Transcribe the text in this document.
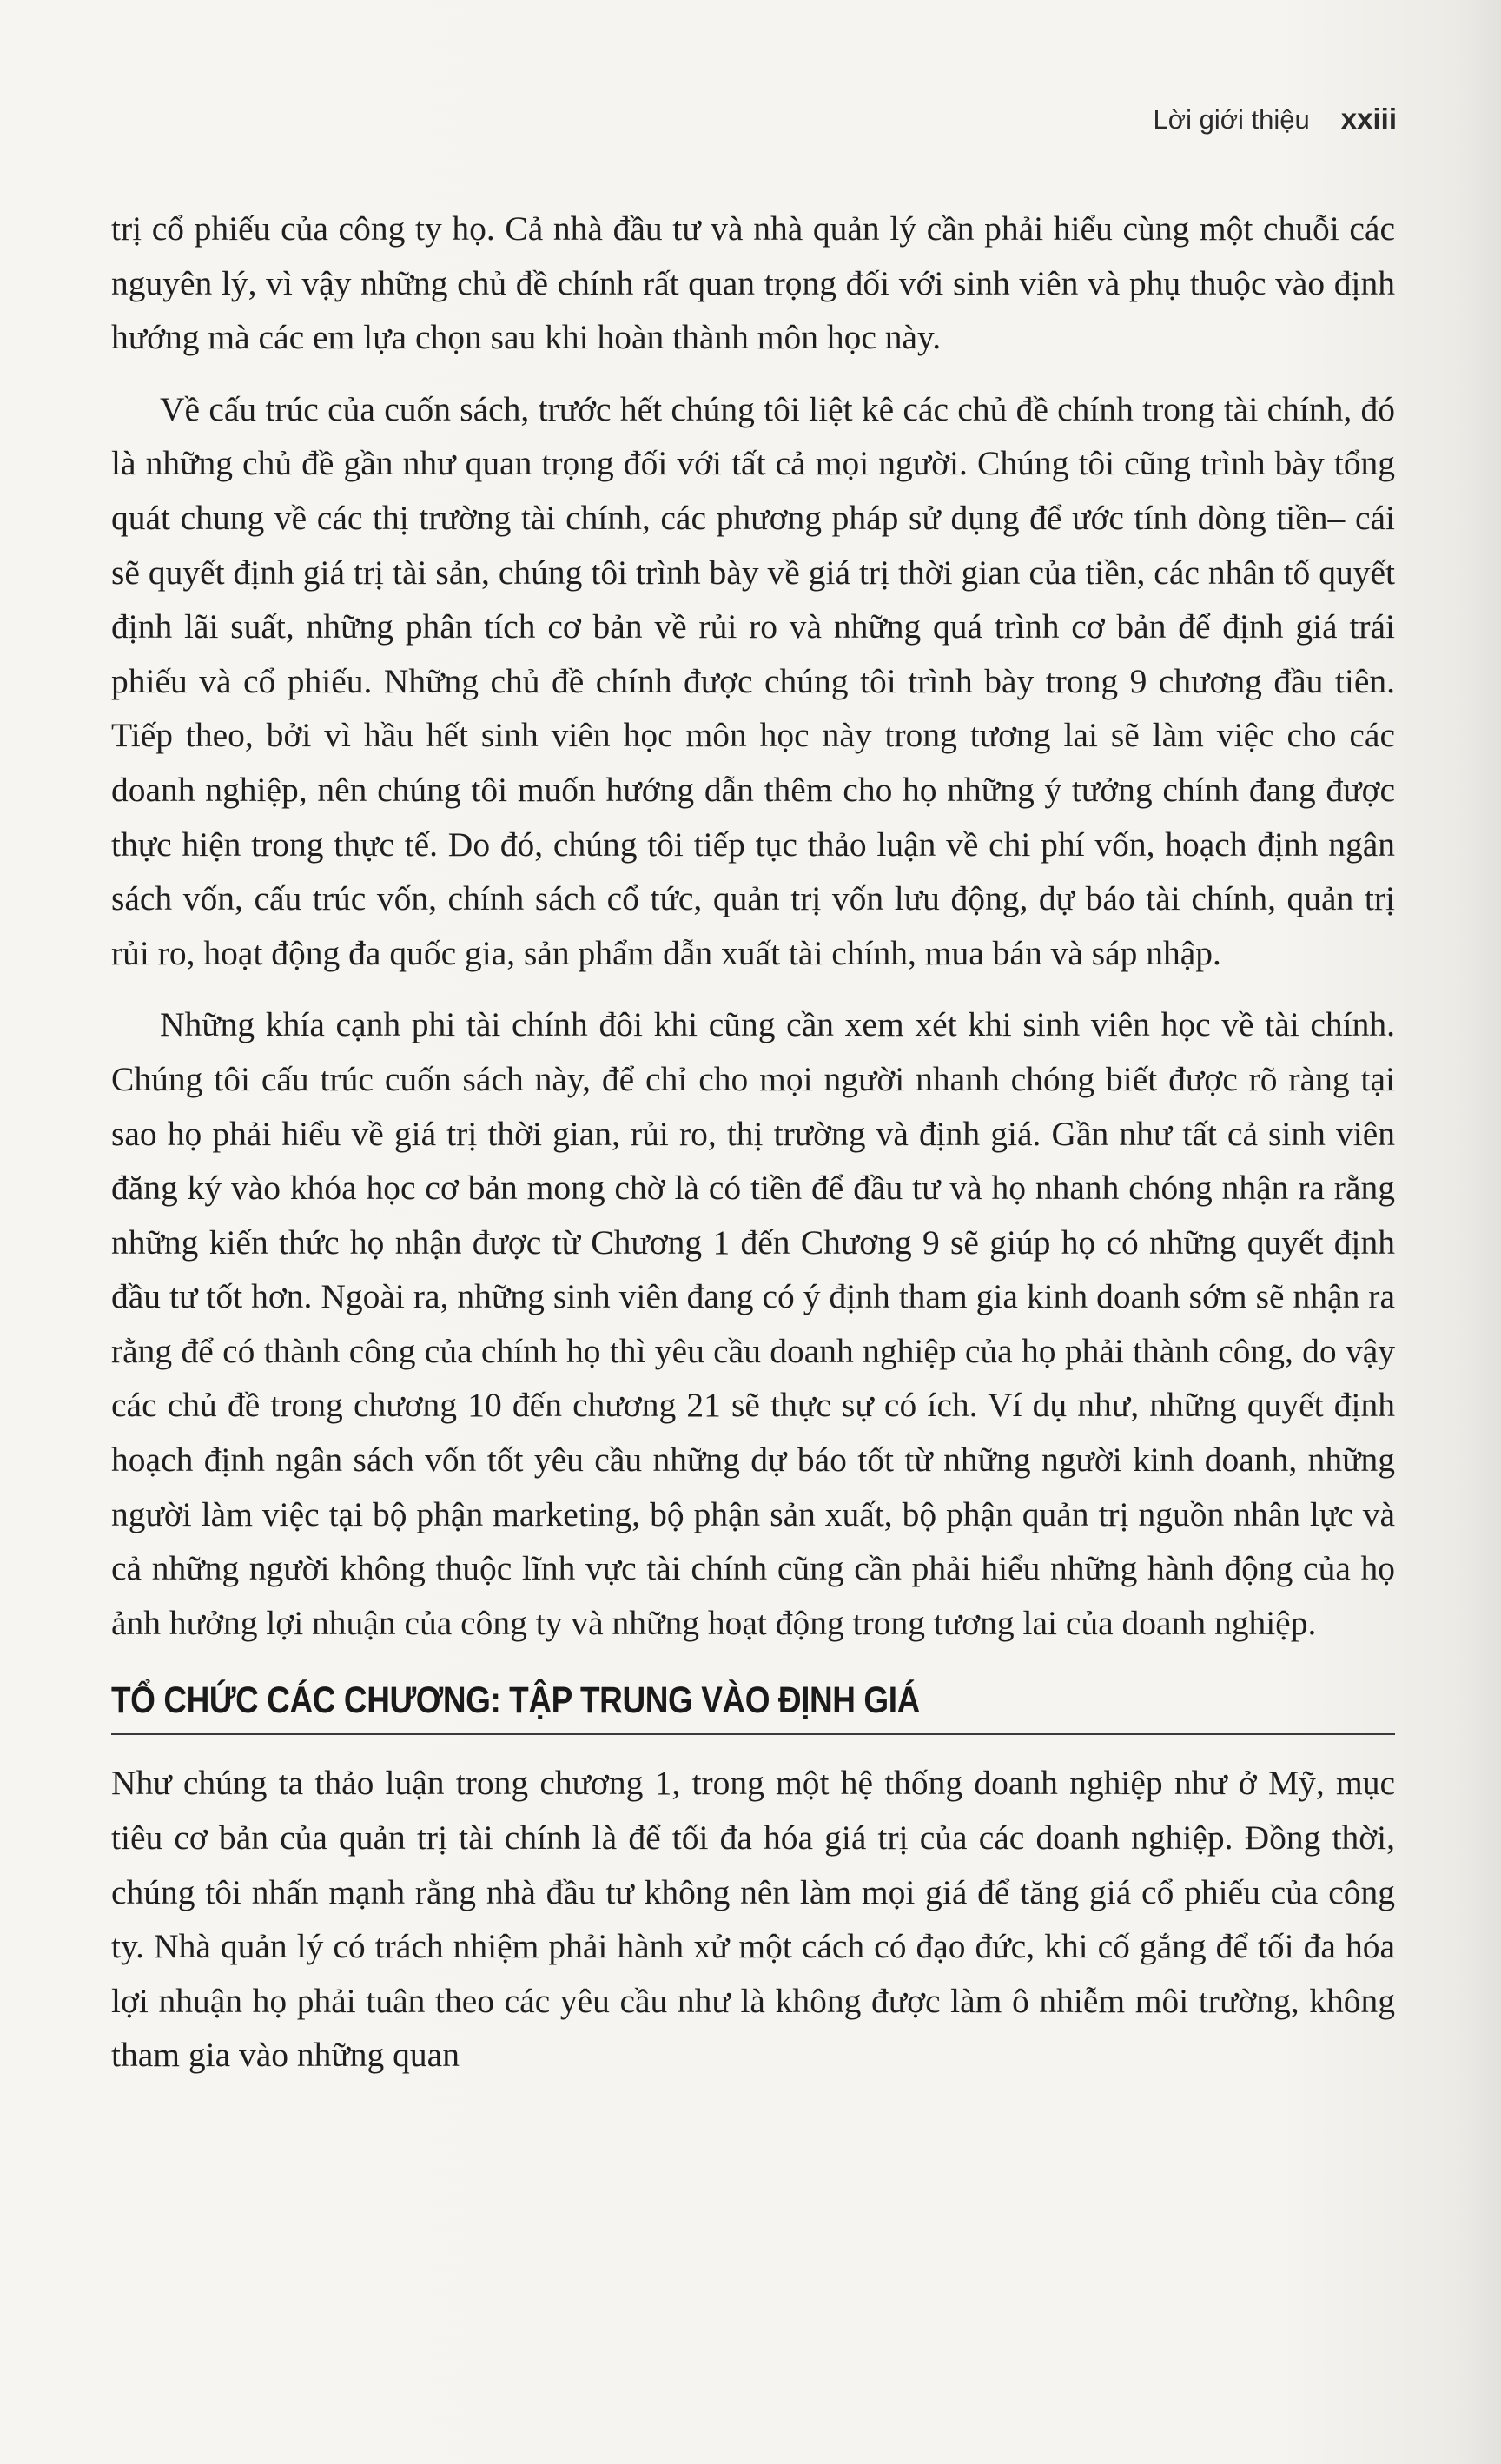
Lời giới thiệu xxiii

trị cổ phiếu của công ty họ. Cả nhà đầu tư và nhà quản lý cần phải hiểu cùng một chuỗi các nguyên lý, vì vậy những chủ đề chính rất quan trọng đối với sinh viên và phụ thuộc vào định hướng mà các em lựa chọn sau khi hoàn thành môn học này.

Về cấu trúc của cuốn sách, trước hết chúng tôi liệt kê các chủ đề chính trong tài chính, đó là những chủ đề gần như quan trọng đối với tất cả mọi người. Chúng tôi cũng trình bày tổng quát chung về các thị trường tài chính, các phương pháp sử dụng để ước tính dòng tiền– cái sẽ quyết định giá trị tài sản, chúng tôi trình bày về giá trị thời gian của tiền, các nhân tố quyết định lãi suất, những phân tích cơ bản về rủi ro và những quá trình cơ bản để định giá trái phiếu và cổ phiếu. Những chủ đề chính được chúng tôi trình bày trong 9 chương đầu tiên. Tiếp theo, bởi vì hầu hết sinh viên học môn học này trong tương lai sẽ làm việc cho các doanh nghiệp, nên chúng tôi muốn hướng dẫn thêm cho họ những ý tưởng chính đang được thực hiện trong thực tế. Do đó, chúng tôi tiếp tục thảo luận về chi phí vốn, hoạch định ngân sách vốn, cấu trúc vốn, chính sách cổ tức, quản trị vốn lưu động, dự báo tài chính, quản trị rủi ro, hoạt động đa quốc gia, sản phẩm dẫn xuất tài chính, mua bán và sáp nhập.

Những khía cạnh phi tài chính đôi khi cũng cần xem xét khi sinh viên học về tài chính. Chúng tôi cấu trúc cuốn sách này, để chỉ cho mọi người nhanh chóng biết được rõ ràng tại sao họ phải hiểu về giá trị thời gian, rủi ro, thị trường và định giá. Gần như tất cả sinh viên đăng ký vào khóa học cơ bản mong chờ là có tiền để đầu tư và họ nhanh chóng nhận ra rằng những kiến thức họ nhận được từ Chương 1 đến Chương 9 sẽ giúp họ có những quyết định đầu tư tốt hơn. Ngoài ra, những sinh viên đang có ý định tham gia kinh doanh sớm sẽ nhận ra rằng để có thành công của chính họ thì yêu cầu doanh nghiệp của họ phải thành công, do vậy các chủ đề trong chương 10 đến chương 21 sẽ thực sự có ích. Ví dụ như, những quyết định hoạch định ngân sách vốn tốt yêu cầu những dự báo tốt từ những người kinh doanh, những người làm việc tại bộ phận marketing, bộ phận sản xuất, bộ phận quản trị nguồn nhân lực và cả những người không thuộc lĩnh vực tài chính cũng cần phải hiểu những hành động của họ ảnh hưởng lợi nhuận của công ty và những hoạt động trong tương lai của doanh nghiệp.

TỔ CHỨC CÁC CHƯƠNG: TẬP TRUNG VÀO ĐỊNH GIÁ

Như chúng ta thảo luận trong chương 1, trong một hệ thống doanh nghiệp như ở Mỹ, mục tiêu cơ bản của quản trị tài chính là để tối đa hóa giá trị của các doanh nghiệp. Đồng thời, chúng tôi nhấn mạnh rằng nhà đầu tư không nên làm mọi giá để tăng giá cổ phiếu của công ty. Nhà quản lý có trách nhiệm phải hành xử một cách có đạo đức, khi cố gắng để tối đa hóa lợi nhuận họ phải tuân theo các yêu cầu như là không được làm ô nhiễm môi trường, không tham gia vào những quan
